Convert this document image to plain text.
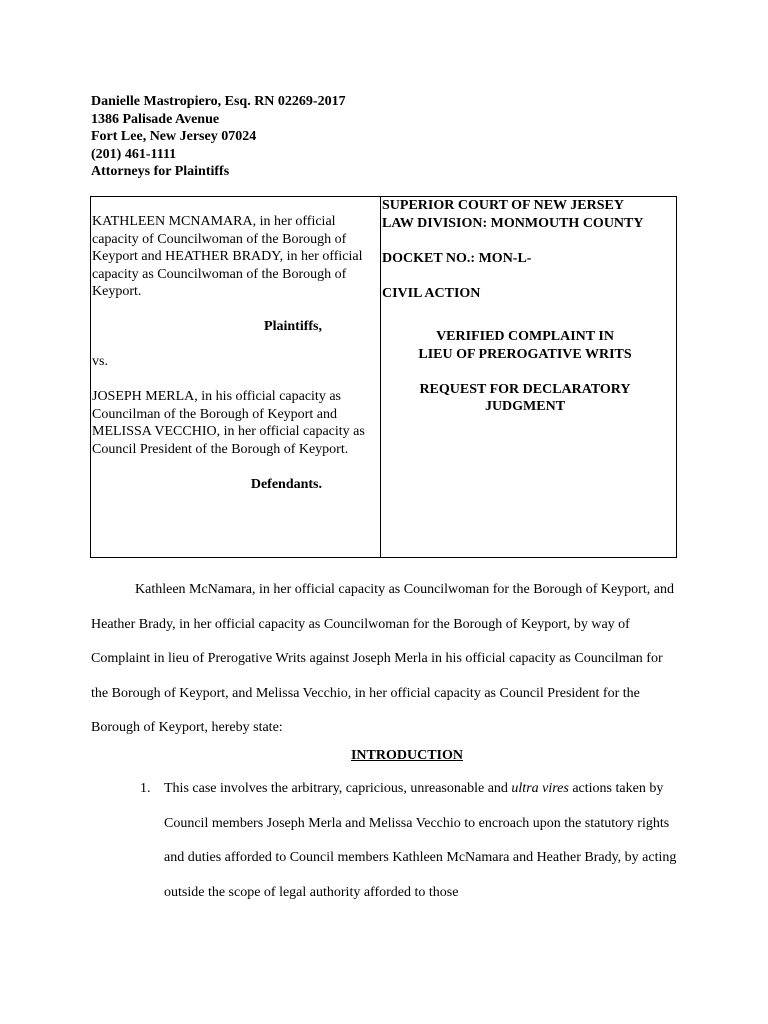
Danielle Mastropiero, Esq. RN 02269-2017
1386 Palisade Avenue
Fort Lee, New Jersey 07024
(201) 461-1111
Attorneys for Plaintiffs

KATHLEEN MCNAMARA, in her official capacity of Councilwoman of the Borough of Keyport and HEATHER BRADY, in her official capacity as Councilwoman of the Borough of Keyport.

Plaintiffs,

vs.

JOSEPH MERLA, in his official capacity as Councilman of the Borough of Keyport and MELISSA VECCHIO, in her official capacity as Council President of the Borough of Keyport.

Defendants.

SUPERIOR COURT OF NEW JERSEY
LAW DIVISION: MONMOUTH COUNTY
DOCKET NO.: MON-L-
CIVIL ACTION
VERIFIED COMPLAINT IN
LIEU OF PREROGATIVE WRITS
REQUEST FOR DECLARATORY
JUDGMENT

Kathleen McNamara, in her official capacity as Councilwoman for the Borough of Keyport, and Heather Brady, in her official capacity as Councilwoman for the Borough of Keyport, by way of Complaint in lieu of Prerogative Writs against Joseph Merla in his official capacity as Councilman for the Borough of Keyport, and Melissa Vecchio, in her official capacity as Council President for the Borough of Keyport, hereby state:

INTRODUCTION
1. This case involves the arbitrary, capricious, unreasonable and ultra vires actions taken by Council members Joseph Merla and Melissa Vecchio to encroach upon the statutory rights and duties afforded to Council members Kathleen McNamara and Heather Brady, by acting outside the scope of legal authority afforded to those
